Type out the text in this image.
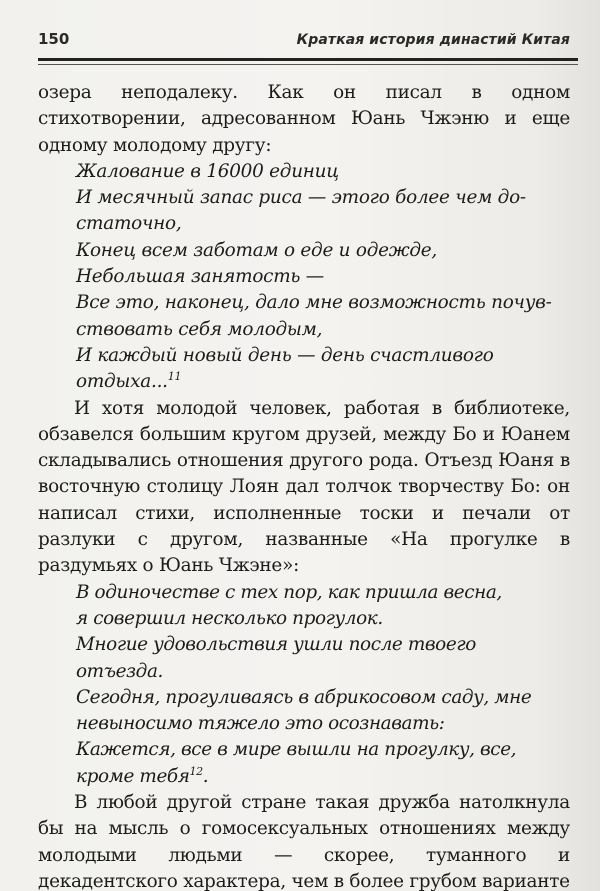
150	Краткая история династий Китая

озера неподалеку. Как он писал в одном стихотворении, адресованном Юань Чжэню и еще одному молодому другу:

Жалование в 16000 единиц
И месячный запас риса — этого более чем до-
статочно,
Конец всем заботам о еде и одежде,
Небольшая занятость —
Все это, наконец, дало мне возможность почув-
ствовать себя молодым,
И каждый новый день — день счастливого
отдыха...$^{11}$

И хотя молодой человек, работая в библиотеке, обзавелся большим кругом друзей, между Бо и Юанем складывались отношения другого рода. Отъезд Юаня в восточную столицу Лоян дал толчок творчеству Бо: он написал стихи, исполненные тоски и печали от разлуки с другом, названные «На прогулке в раздумьях о Юань Чжэне»:

В одиночестве с тех пор, как пришла весна,
я совершил несколько прогулок.
Многие удовольствия ушли после твоего
отъезда.
Сегодня, прогуливаясь в абрикосовом саду, мне
невыносимо тяжело это осознавать:
Кажется, все в мире вышли на прогулку, все,
кроме тебя$^{12}$.

В любой другой стране такая дружба натолкнула бы на мысль о гомосексуальных отношениях между молодыми людьми — скорее, туманного и декадентского характера, чем в более грубом варианте
